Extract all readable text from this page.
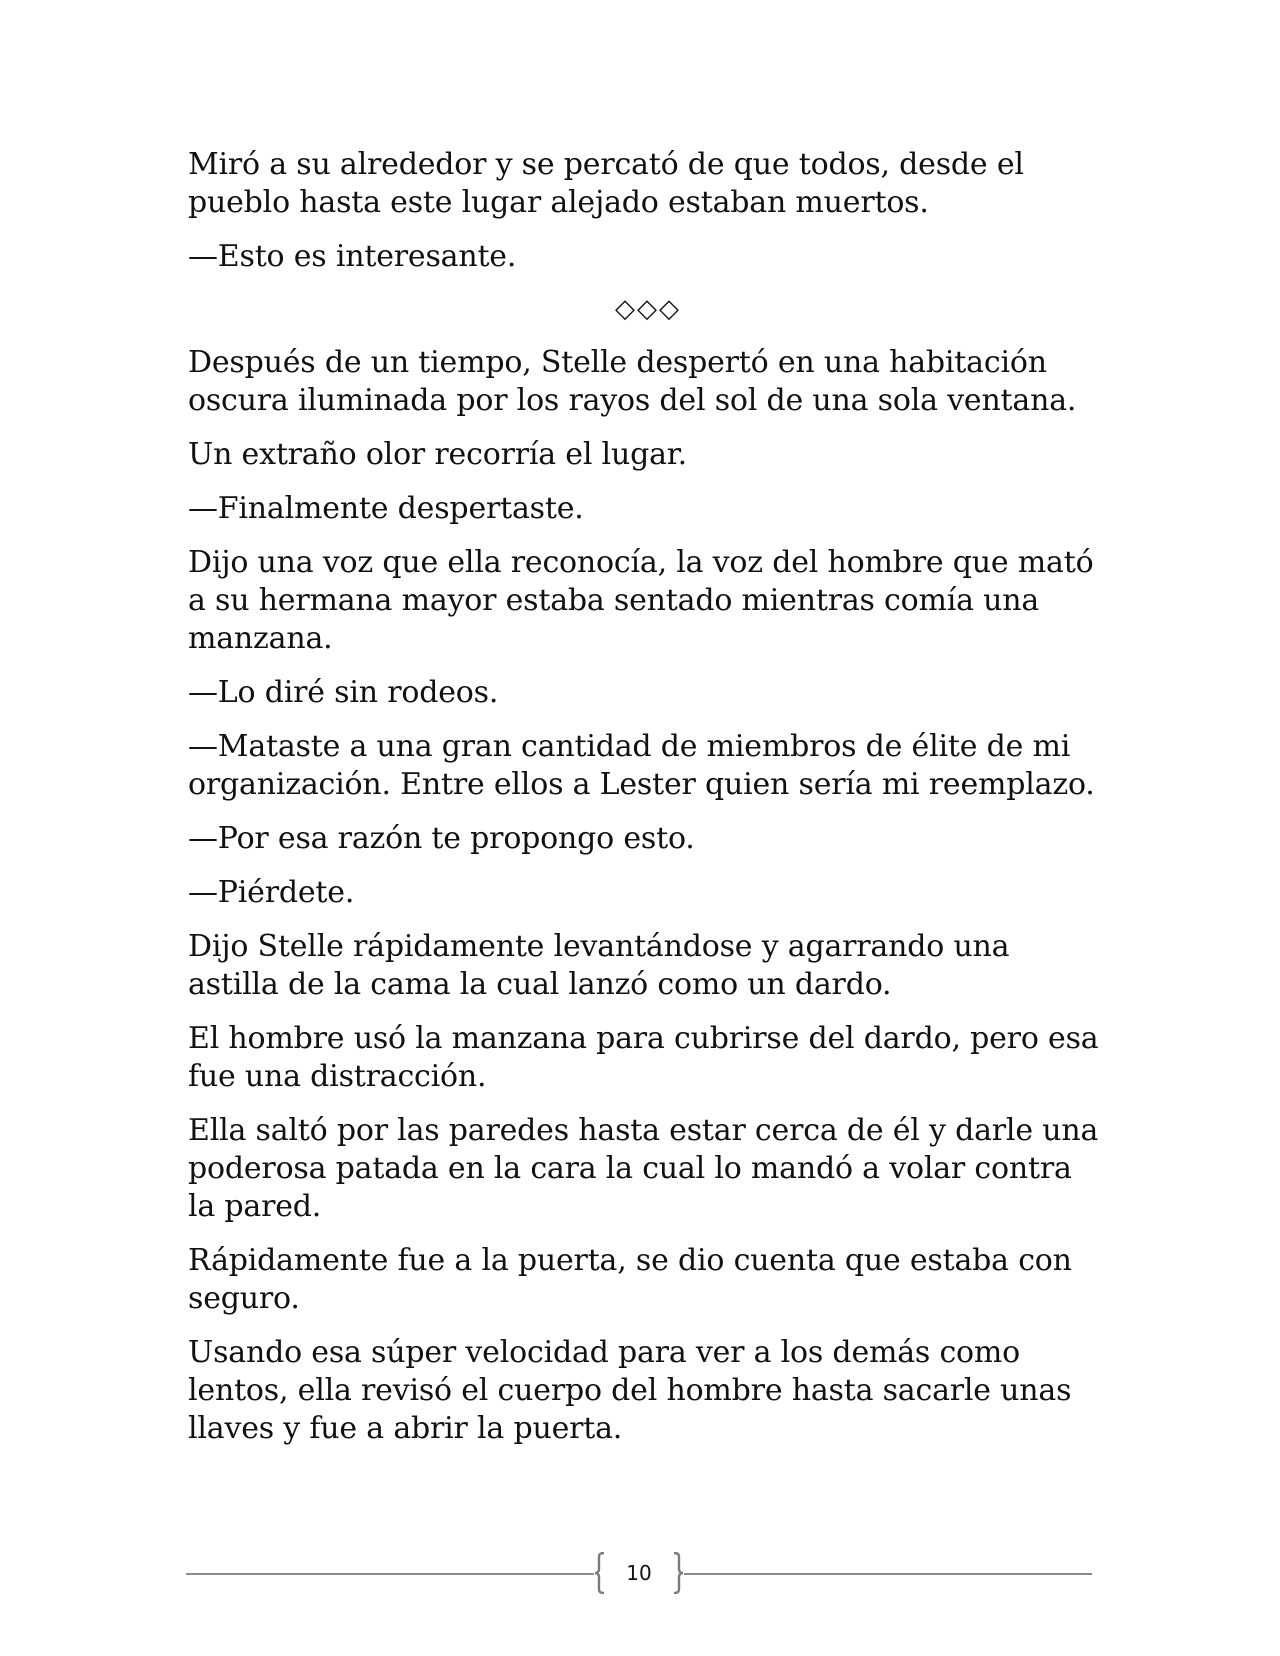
Miró a su alrededor y se percató de que todos, desde el pueblo hasta este lugar alejado estaban muertos.

—Esto es interesante.

◇◇◇

Después de un tiempo, Stelle despertó en una habitación oscura iluminada por los rayos del sol de una sola ventana.

Un extraño olor recorría el lugar.

—Finalmente despertaste.

Dijo una voz que ella reconocía, la voz del hombre que mató a su hermana mayor estaba sentado mientras comía una manzana.

—Lo diré sin rodeos.

—Mataste a una gran cantidad de miembros de élite de mi organización. Entre ellos a Lester quien sería mi reemplazo.

—Por esa razón te propongo esto.

—Piérdete.

Dijo Stelle rápidamente levantándose y agarrando una astilla de la cama la cual lanzó como un dardo.

El hombre usó la manzana para cubrirse del dardo, pero esa fue una distracción.

Ella saltó por las paredes hasta estar cerca de él y darle una poderosa patada en la cara la cual lo mandó a volar contra la pared.

Rápidamente fue a la puerta, se dio cuenta que estaba con seguro.

Usando esa súper velocidad para ver a los demás como lentos, ella revisó el cuerpo del hombre hasta sacarle unas llaves y fue a abrir la puerta.

10
